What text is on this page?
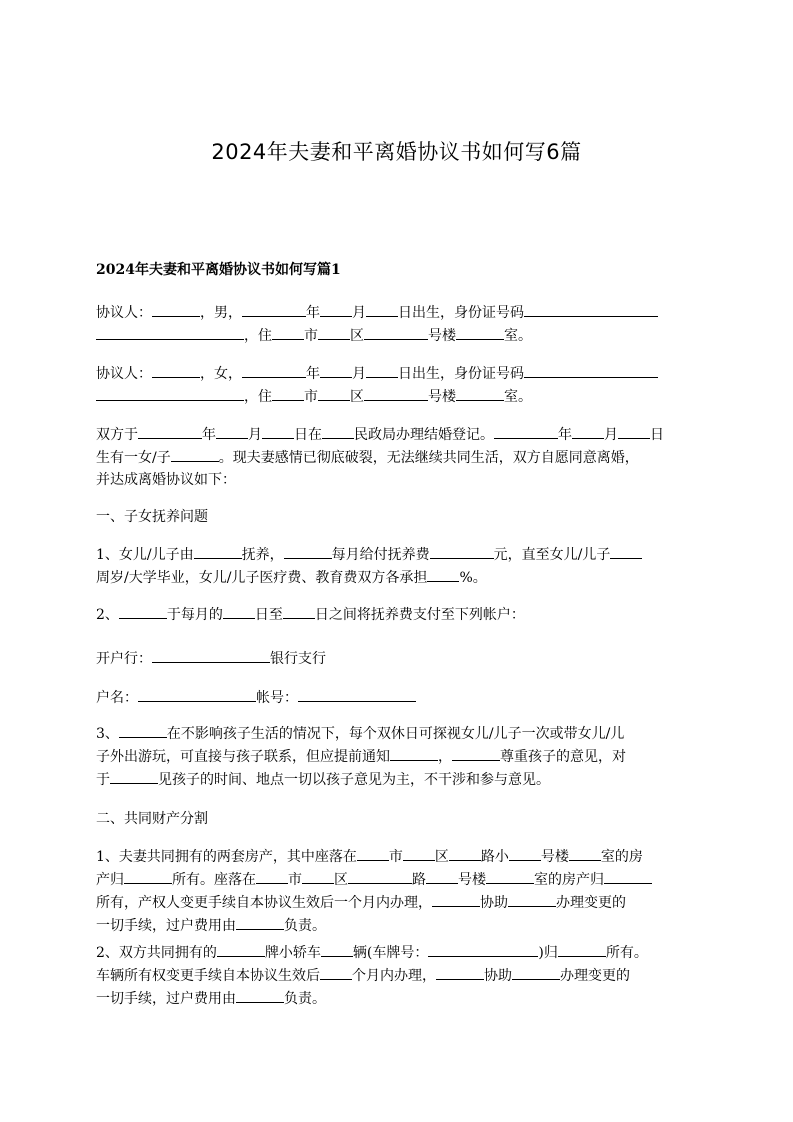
2024年夫妻和平离婚协议书如何写6篇
2024年夫妻和平离婚协议书如何写篇1
协议人：	，男，	年 月 日出生，身份证号码
，住 市 区	号楼	室。
协议人：	，女，	年 月 日出生，身份证号码
，住 市 区	号楼	室。
双方于	年 月 日在 民政局办理结婚登记。	年 月 日
生有一女/子	。现夫妻感情已彻底破裂，无法继续共同生活，双方自愿同意离婚，
并达成离婚协议如下：
一、子女抚养问题
1、女儿/儿子由	抚养，	每月给付抚养费	元，直至女儿/儿子
周岁/大学毕业，女儿/儿子医疗费、教育费双方各承担 %。
2、	于每月的 日至 日之间将抚养费支付至下列帐户：
开户行：	银行支行
户名：	帐号：
3、	在不影响孩子生活的情况下，每个双休日可探视女儿/儿子一次或带女儿/儿
子外出游玩，可直接与孩子联系，但应提前通知	，	尊重孩子的意见，对
于	见孩子的时间、地点一切以孩子意见为主，不干涉和参与意见。
二、共同财产分割
1、夫妻共同拥有的两套房产，其中座落在 市 区 路小 号楼 室的房
产归	所有。座落在 市 区	路 号楼	室的房产归
所有，产权人变更手续自本协议生效后一个月内办理，	协助	办理变更的
一切手续，过户费用由	负责。
2、双方共同拥有的	牌小轿车 辆(车牌号：	)归	所有。
车辆所有权变更手续自本协议生效后 个月内办理，	协助	办理变更的
一切手续，过户费用由	负责。
